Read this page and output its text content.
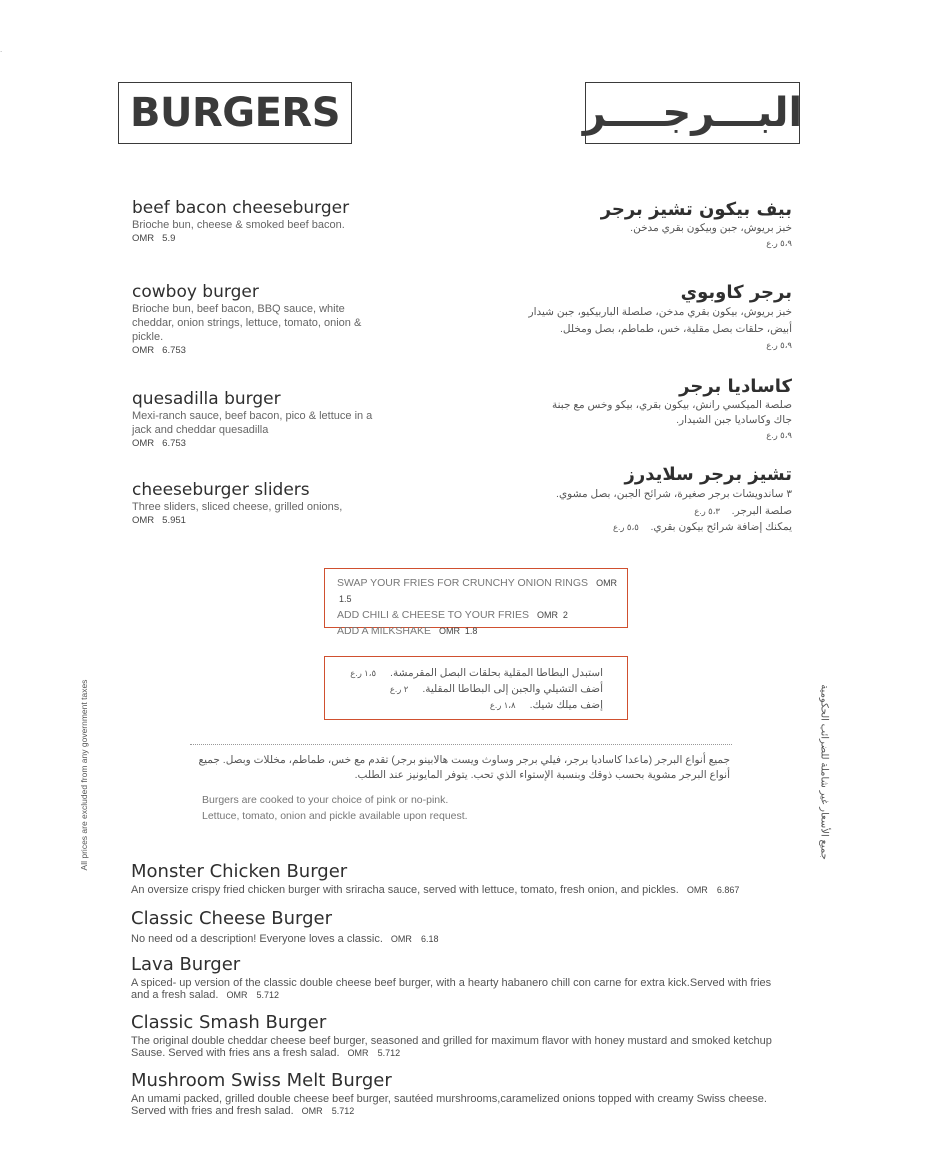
.
BURGERS	البـــرجــــر
beef bacon cheeseburger
Brioche bun, cheese & smoked beef bacon.
OMR 5.9
cowboy burger
Brioche bun, beef bacon, BBQ sauce, white cheddar, onion strings, lettuce, tomato, onion & pickle.
OMR 6.753
quesadilla burger
Mexi-ranch sauce, beef bacon, pico & lettuce in a jack and cheddar quesadilla
OMR 6.753
cheeseburger sliders
Three sliders, sliced cheese, grilled onions,
OMR 5.951
بيف بيكون تشيز برجر
خبز بريوش، جبن وبيكون بقري مدخن.
٥،٩ ر.ع
برجر كاوبوي
خبز بريوش، بيكون بقري مدخن، صلصلة الباربيكيو، جبن شيدار
أبيض، حلقات بصل مقلية، خس، طماطم، بصل ومخلل.
٥،٩ ر.ع
كاساديا برجر
صلصة الميكسي رانش، بيكون بقري، بيكو وخس مع جبنة
جاك وكاساديا جبن الشيدار.
٥،٩ ر.ع
تشيز برجر سلايدرز
٣ ساندويشات برجر صغيرة، شرائح الجبن، بصل مشوي.
صلصة البرجر.    ٥،٣ ر.ع
يمكنك إضافة شرائح بيكون بقري.    ٥،٥ ر.ع
SWAP YOUR FRIES FOR CRUNCHY ONION RINGS OMR 1.5
ADD CHILI & CHEESE TO YOUR FRIES OMR 2
ADD A MILKSHAKE OMR 1.8
استبدل البطاطا المقلية بحلقات البصل المقرمشة.١،٥ ر.ع
أضف التشيلي والجبن إلى البطاطا المقلية.٢ ر.ع
إضف ميلك شيك.١،٨ ر.ع
جميع أنواع البرجر (ماعدا كاساديا برجر، فيلي برجر وساوث ويست هالابينو برجر) تقدم مع خس، طماطم، مخللات وبصل. جميع أنواع البرجر مشوية بحسب ذوقك وبنسبة الإستواء الذي تحب. يتوفر المايونيز عند الطلب.
Burgers are cooked to your choice of pink or no-pink.
Lettuce, tomato, onion and pickle available upon request.
All prices are excluded from any government taxes	جميع الأسعار غير شاملة للضرائب الحكومية
Monster Chicken Burger
An oversize crispy fried chicken burger with sriracha sauce, served with lettuce, tomato, fresh onion, and pickles. OMR 6.867
Classic Cheese Burger
No need od a description! Everyone loves a classic. OMR 6.18
Lava Burger
A spiced- up version of the classic double cheese beef burger, with a hearty habanero chill con carne for extra kick.Served with fries and a fresh salad. OMR 5.712
Classic Smash Burger
The original double cheddar cheese beef burger, seasoned and grilled for maximum flavor with honey mustard and smoked ketchup Sause. Served with fries ans a fresh salad. OMR 5.712
Mushroom Swiss Melt Burger
An umami packed, grilled double cheese beef burger, sautéed murshrooms,caramelized onions topped with creamy Swiss cheese. Served with fries and fresh salad. OMR 5.712
